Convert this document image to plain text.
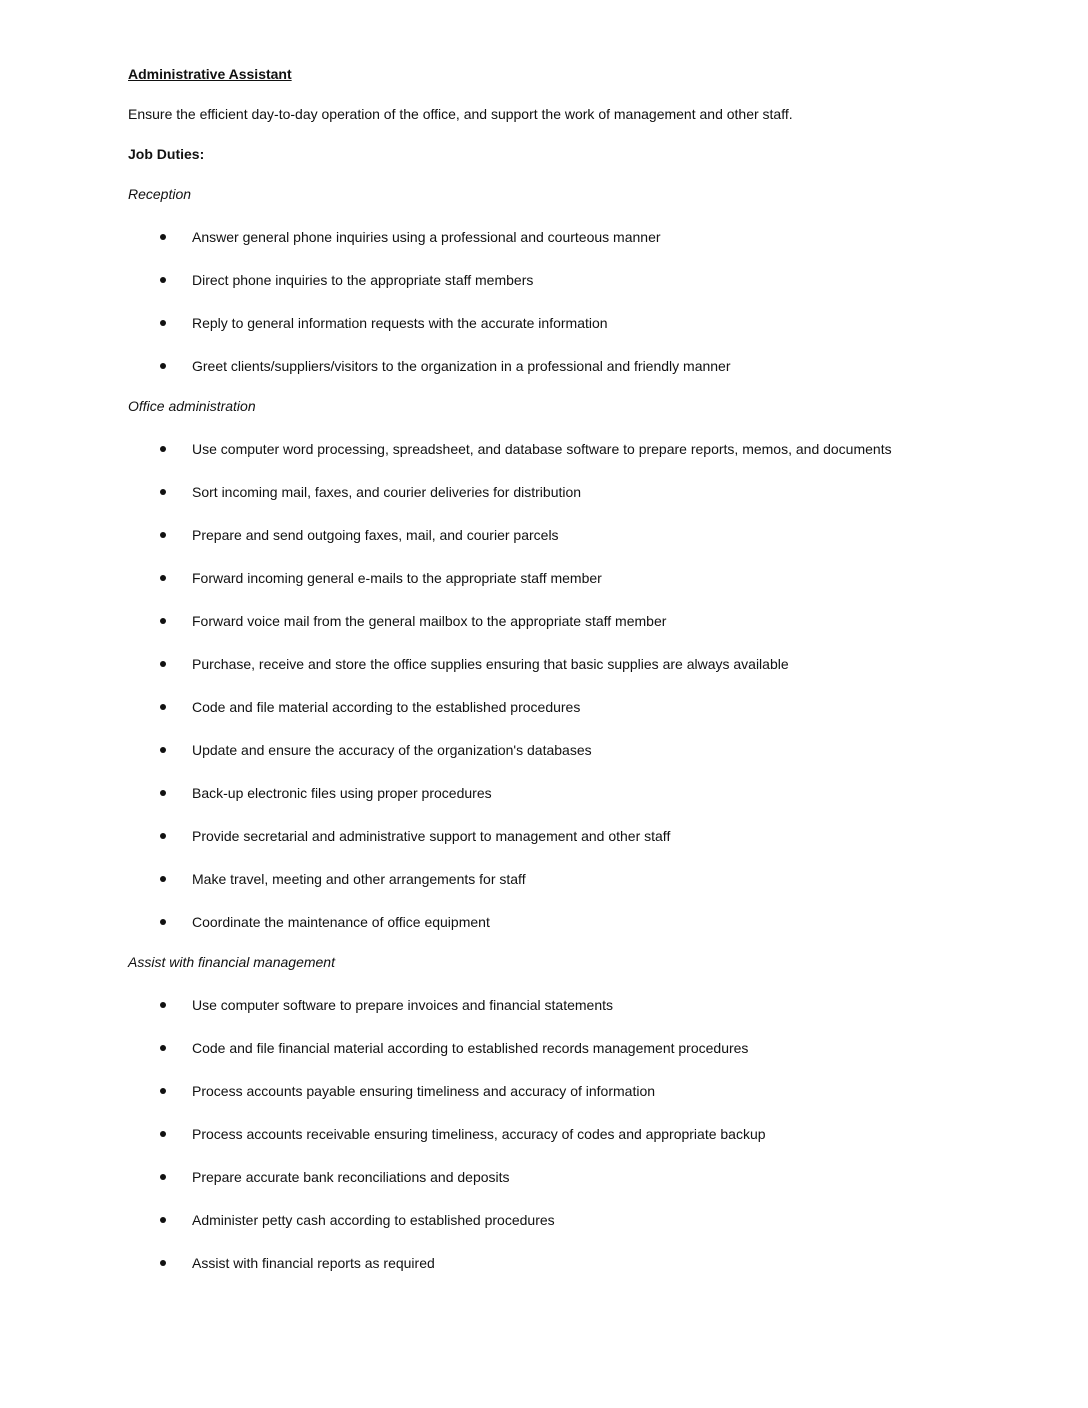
Administrative Assistant
Ensure the efficient day-to-day operation of the office, and support the work of management and other staff.
Job Duties:
Reception
Answer general phone inquiries using a professional and courteous manner
Direct phone inquiries to the appropriate staff members
Reply to general information requests with the accurate information
Greet clients/suppliers/visitors to the organization in a professional and friendly manner
Office administration
Use computer word processing, spreadsheet, and database software to prepare reports, memos, and documents
Sort incoming mail, faxes, and courier deliveries for distribution
Prepare and send outgoing faxes, mail, and courier parcels
Forward incoming general e-mails to the appropriate staff member
Forward voice mail from the general mailbox to the appropriate staff member
Purchase, receive and store the office supplies ensuring that basic supplies are always available
Code and file material according to the established procedures
Update and ensure the accuracy of the organization's databases
Back-up electronic files using proper procedures
Provide secretarial and administrative support to management and other staff
Make travel, meeting and other arrangements for staff
Coordinate the maintenance of office equipment
Assist with financial management
Use computer software to prepare invoices and financial statements
Code and file financial material according to established records management procedures
Process accounts payable ensuring timeliness and accuracy of information
Process accounts receivable ensuring timeliness, accuracy of codes and appropriate backup
Prepare accurate bank reconciliations and deposits
Administer petty cash according to established procedures
Assist with financial reports as required
